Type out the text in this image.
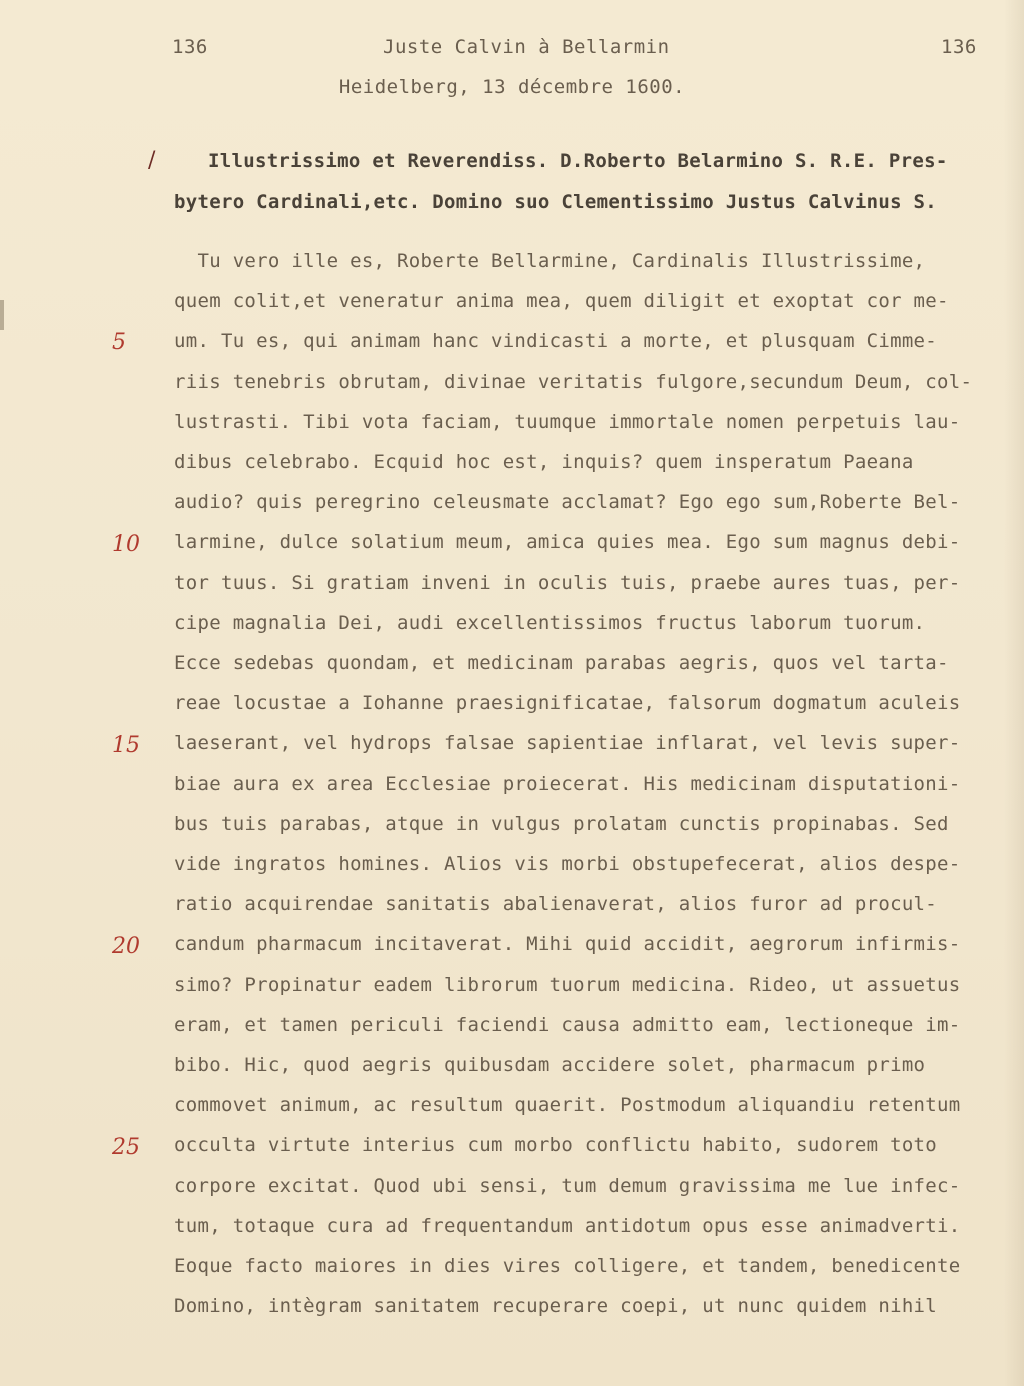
136	Juste Calvin à Bellarmin	136
Heidelberg, 13 décembre 1600.
/	Illustrissimo et Reverendiss. D.Roberto Belarmino S. R.E. Pres-
bytero Cardinali,etc. Domino suo Clementissimo Justus Calvinus S.
Tu vero ille es, Roberte Bellarmine, Cardinalis Illustrissime,
quem colit,et veneratur anima mea, quem diligit et exoptat cor me-
um. Tu es, qui animam hanc vindicasti a morte, et plusquam Cimme-
riis tenebris obrutam, divinae veritatis fulgore,secundum Deum, col-
lustrasti. Tibi vota faciam, tuumque immortale nomen perpetuis lau-
dibus celebrabo. Ecquid hoc est, inquis? quem insperatum Paeana
audio? quis peregrino celeusmate acclamat? Ego ego sum,Roberte Bel-
larmine, dulce solatium meum, amica quies mea. Ego sum magnus debi-
tor tuus. Si gratiam inveni in oculis tuis, praebe aures tuas, per-
cipe magnalia Dei, audi excellentissimos fructus laborum tuorum.
Ecce sedebas quondam, et medicinam parabas aegris, quos vel tarta-
reae locustae a Iohanne praesignificatae, falsorum dogmatum aculeis
laeserant, vel hydrops falsae sapientiae inflarat, vel levis super-
biae aura ex area Ecclesiae proiecerat. His medicinam disputationi-
bus tuis parabas, atque in vulgus prolatam cunctis propinabas. Sed
vide ingratos homines. Alios vis morbi obstupefecerat, alios despe-
ratio acquirendae sanitatis abalienaverat, alios furor ad procul-
candum pharmacum incitaverat. Mihi quid accidit, aegrorum infirmis-
simo? Propinatur eadem librorum tuorum medicina. Rideo, ut assuetus
eram, et tamen periculi faciendi causa admitto eam, lectioneque im-
bibo. Hic, quod aegris quibusdam accidere solet, pharmacum primo
commovet animum, ac resultum quaerit. Postmodum aliquandiu retentum
occulta virtute interius cum morbo conflictu habito, sudorem toto
corpore excitat. Quod ubi sensi, tum demum gravissima me lue infec-
tum, totaque cura ad frequentandum antidotum opus esse animadverti.
Eoque facto maiores in dies vires colligere, et tandem, benedicente
Domino, intègram sanitatem recuperare coepi, ut nunc quidem nihil
5
10
15
20
25
